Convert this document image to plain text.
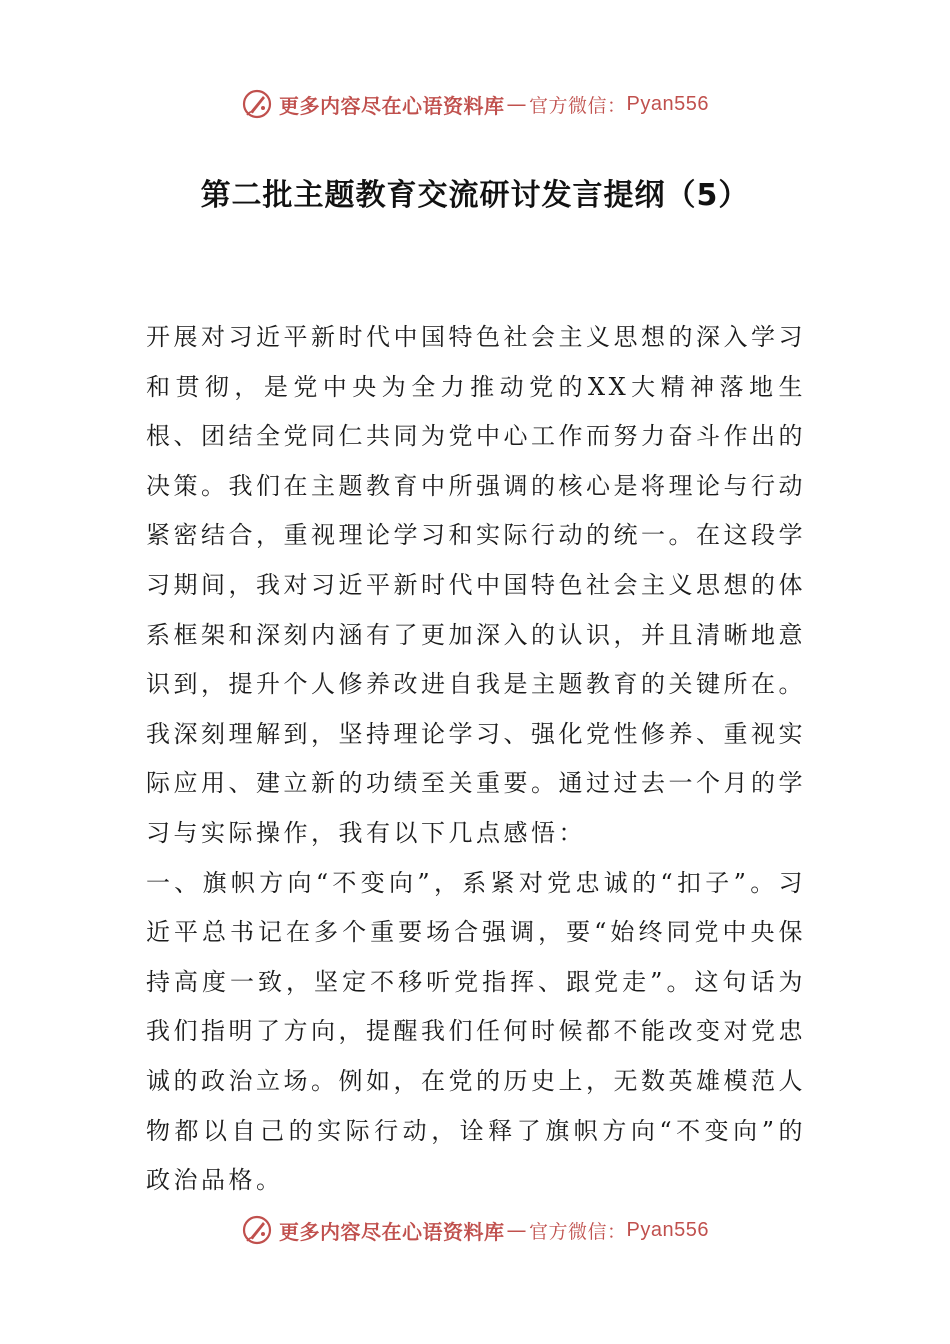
更多内容尽在心语资料库 — 官方微信： Pyan556
第二批主题教育交流研讨发言提纲（5）

开展对习近平新时代中国特色社会主义思想的深入学习和贯彻，是党中央为全力推动党的XX大精神落地生根、团结全党同仁共同为党中心工作而努力奋斗作出的决策。我们在主题教育中所强调的核心是将理论与行动紧密结合，重视理论学习和实际行动的统一。在这段学习期间，我对习近平新时代中国特色社会主义思想的体系框架和深刻内涵有了更加深入的认识，并且清晰地意识到，提升个人修养改进自我是主题教育的关键所在。我深刻理解到，坚持理论学习、强化党性修养、重视实际应用、建立新的功绩至关重要。通过过去一个月的学习与实际操作，我有以下几点感悟：

一、旗帜方向“不变向”，系紧对党忠诚的“扣子”。习近平总书记在多个重要场合强调，要“始终同党中央保持高度一致，坚定不移听党指挥、跟党走”。这句话为我们指明了方向，提醒我们任何时候都不能改变对党忠诚的政治立场。例如，在党的历史上，无数英雄模范人物都以自己的实际行动，诠释了旗帜方向“不变向”的政治品格。

更多内容尽在心语资料库 — 官方微信： Pyan556
